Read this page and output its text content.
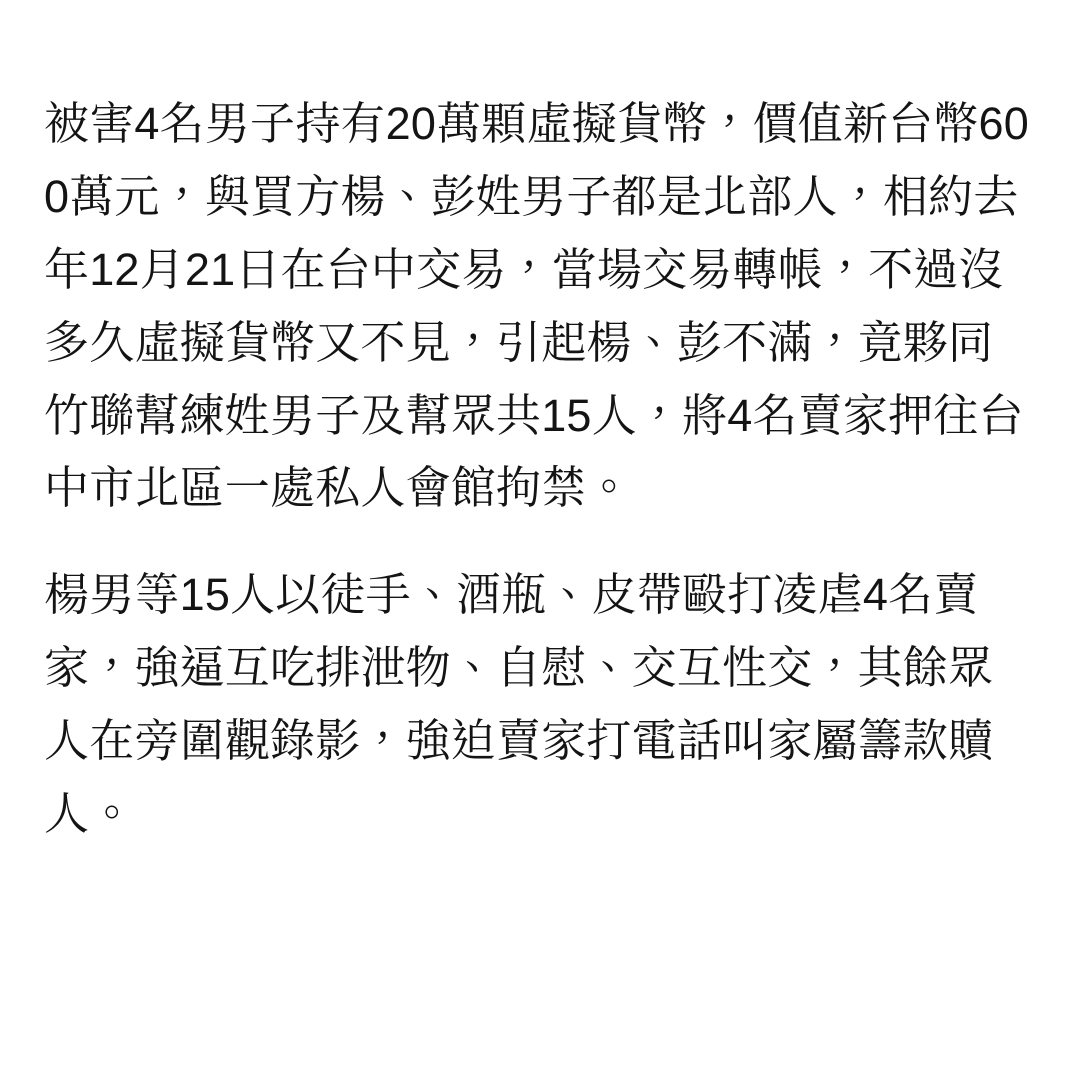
被害4名男子持有20萬顆虛擬貨幣，價值新台幣600萬元，與買方楊、彭姓男子都是北部人，相約去年12月21日在台中交易，當場交易轉帳，不過沒多久虛擬貨幣又不見，引起楊、彭不滿，竟夥同竹聯幫練姓男子及幫眾共15人，將4名賣家押往台中市北區一處私人會館拘禁。

楊男等15人以徒手、酒瓶、皮帶毆打凌虐4名賣家，強逼互吃排泄物、自慰、交互性交，其餘眾人在旁圍觀錄影，強迫賣家打電話叫家屬籌款贖人。
